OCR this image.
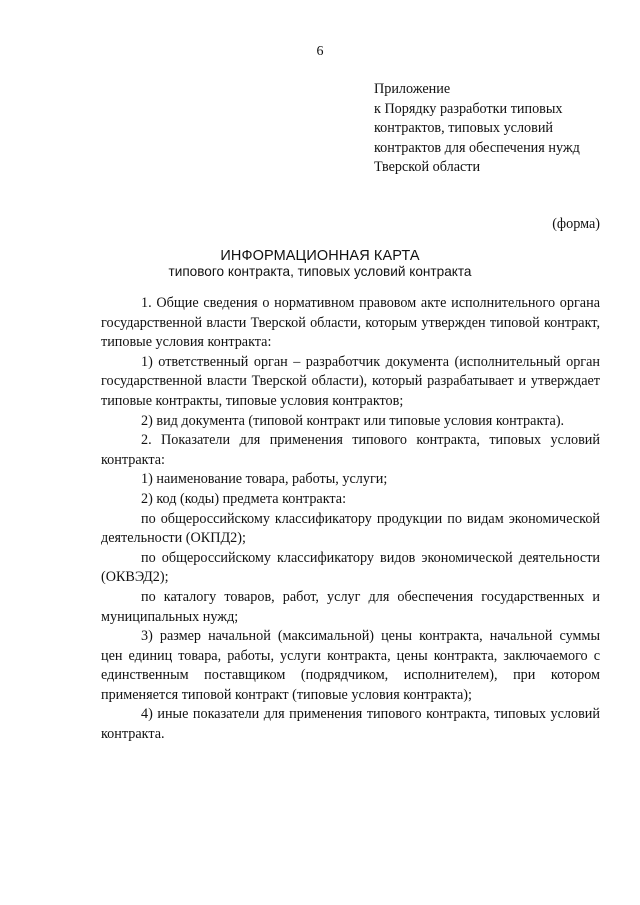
6
Приложение
к Порядку разработки типовых
контрактов, типовых условий
контрактов для обеспечения нужд
Тверской области
(форма)
ИНФОРМАЦИОННАЯ КАРТА
типового контракта, типовых условий контракта

1. Общие сведения о нормативном правовом акте исполнительного органа государственной власти Тверской области, которым утвержден типовой контракт, типовые условия контракта:

1) ответственный орган – разработчик документа (исполнительный орган государственной власти Тверской области), который разрабатывает и утверждает типовые контракты, типовые условия контрактов;

2) вид документа (типовой контракт или типовые условия контракта).

2. Показатели для применения типового контракта, типовых условий контракта:

1) наименование товара, работы, услуги;

2) код (коды) предмета контракта:

по общероссийскому классификатору продукции по видам экономической деятельности (ОКПД2);

по общероссийскому классификатору видов экономической деятельности (ОКВЭД2);

по каталогу товаров, работ, услуг для обеспечения государственных и муниципальных нужд;

3) размер начальной (максимальной) цены контракта, начальной суммы цен единиц товара, работы, услуги контракта, цены контракта, заключаемого с единственным поставщиком (подрядчиком, исполнителем), при котором применяется типовой контракт (типовые условия контракта);

4) иные показатели для применения типового контракта, типовых условий контракта.
